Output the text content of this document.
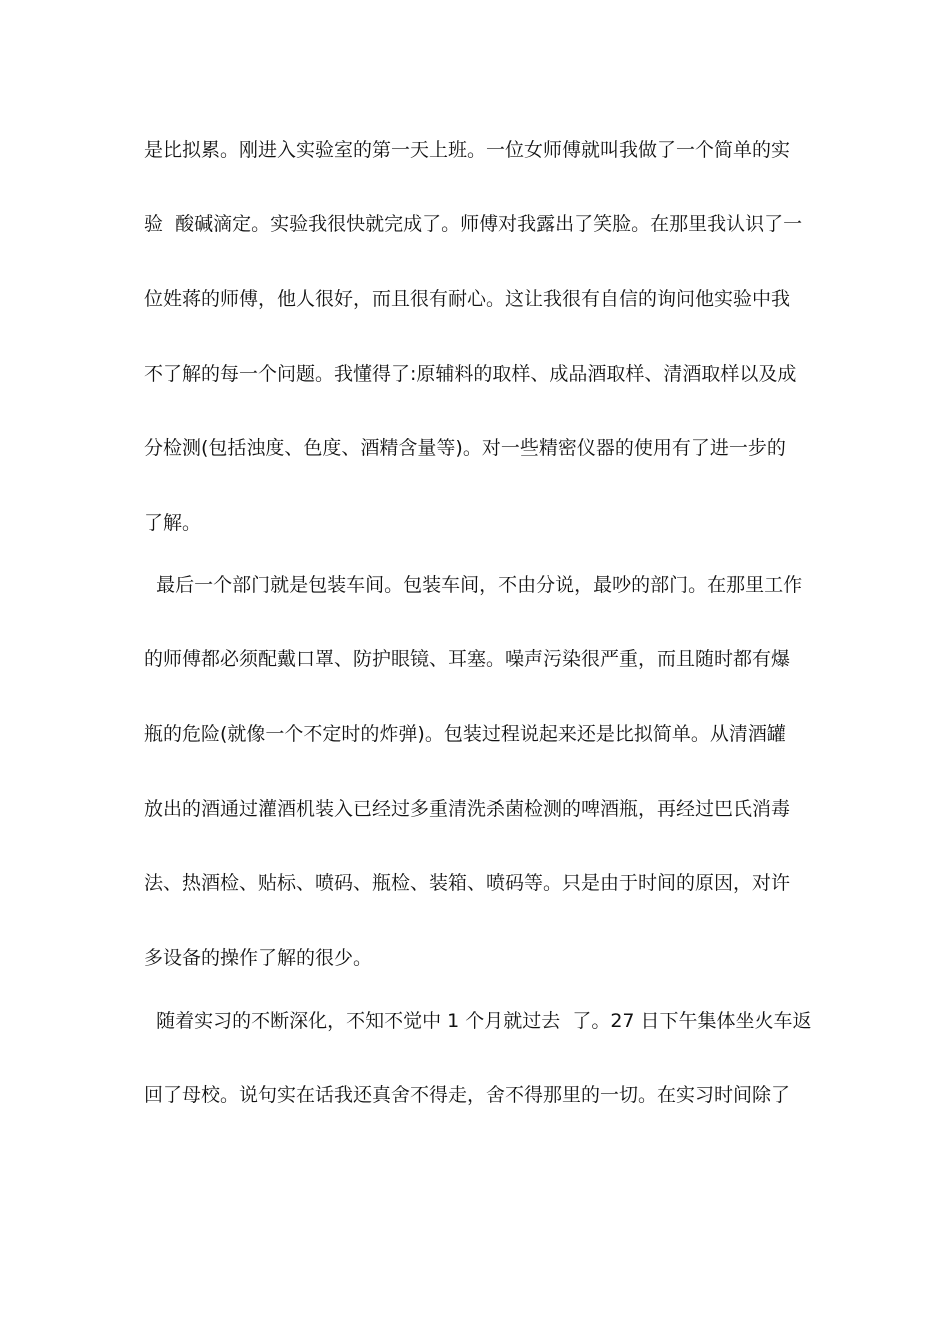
是比拟累。刚进入实验室的第一天上班。一位女师傅就叫我做了一个简单的实
验  酸碱滴定。实验我很快就完成了。师傅对我露出了笑脸。在那里我认识了一
位姓蒋的师傅，他人很好，而且很有耐心。这让我很有自信的询问他实验中我
不了解的每一个问题。我懂得了:原辅料的取样、成品酒取样、清酒取样以及成
分检测(包括浊度、色度、酒精含量等)。对一些精密仪器的使用有了进一步的
了解。
最后一个部门就是包装车间。包装车间，不由分说，最吵的部门。在那里工作
的师傅都必须配戴口罩、防护眼镜、耳塞。噪声污染很严重，而且随时都有爆
瓶的危险(就像一个不定时的炸弹)。包装过程说起来还是比拟简单。从清酒罐
放出的酒通过灌酒机装入已经过多重清洗杀菌检测的啤酒瓶，再经过巴氏消毒
法、热酒检、贴标、喷码、瓶检、装箱、喷码等。只是由于时间的原因，对许
多设备的操作了解的很少。
随着实习的不断深化，不知不觉中 1 个月就过去  了。27 日下午集体坐火车返
回了母校。说句实在话我还真舍不得走，舍不得那里的一切。在实习时间除了
